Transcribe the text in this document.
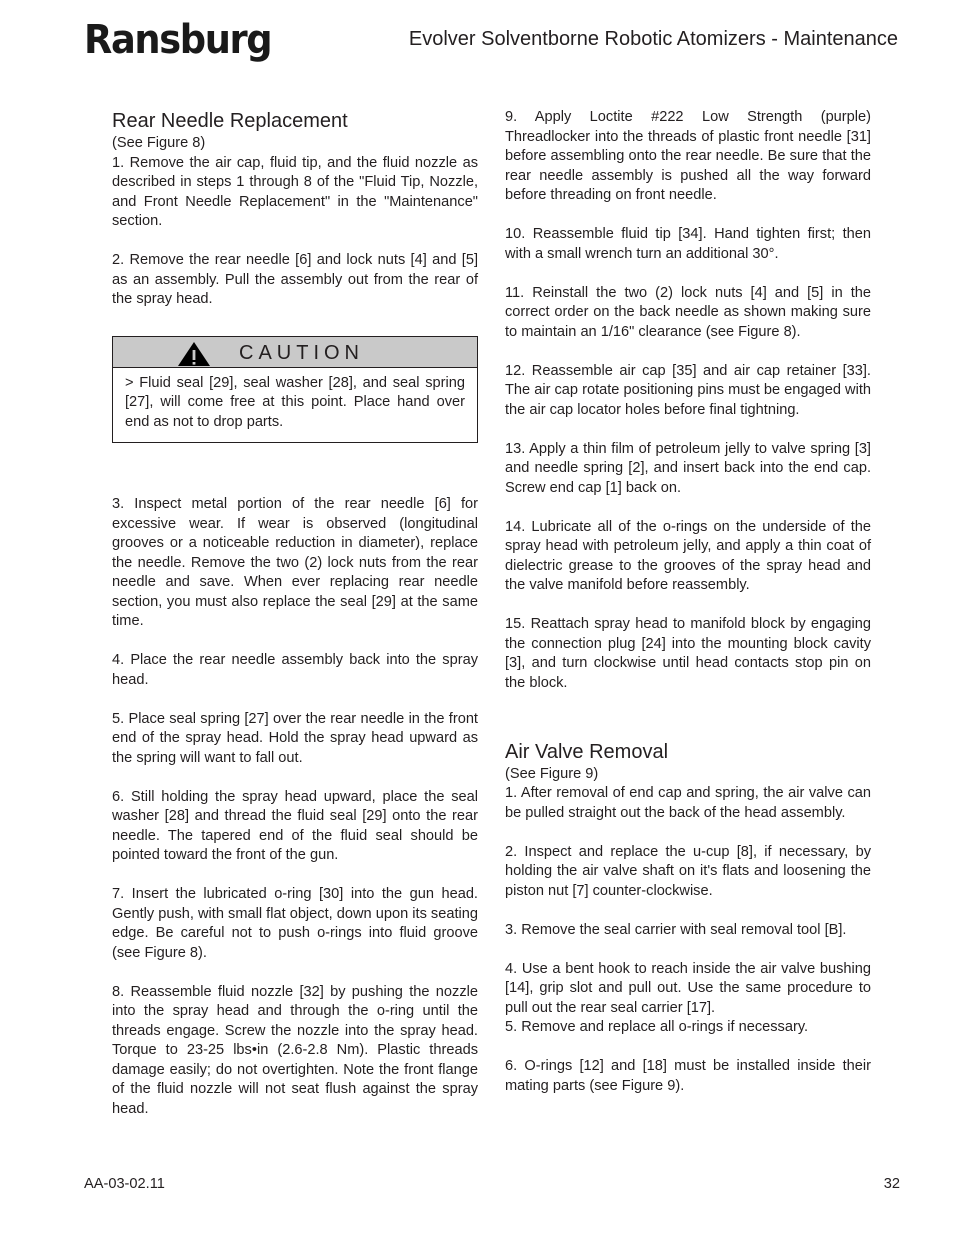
Ransburg	Evolver Solventborne Robotic Atomizers - Maintenance
Rear Needle Replacement
(See Figure 8)

1. Remove the air cap, fluid tip, and the fluid nozzle as described in steps 1 through 8 of the "Fluid Tip, Nozzle, and Front Needle Replacement" in the "Maintenance" section.

2. Remove the rear needle [6] and lock nuts [4] and [5] as an assembly. Pull the assembly out from the rear of the spray head.

CAUTION
> Fluid seal [29], seal washer [28], and seal spring [27], will come free at this point. Place hand over end as not to drop parts.

3. Inspect metal portion of the rear needle [6] for excessive wear. If wear is observed (longitudinal grooves or a noticeable reduction in diameter), replace the needle. Remove the two (2) lock nuts from the rear needle and save. When ever replacing rear needle section, you must also replace the seal [29] at the same time.

4. Place the rear needle assembly back into the spray head.

5. Place seal spring [27] over the rear needle in the front end of the spray head. Hold the spray head upward as the spring will want to fall out.

6. Still holding the spray head upward, place the seal washer [28] and thread the fluid seal [29] onto the rear needle. The tapered end of the fluid seal should be pointed toward the front of the gun.

7. Insert the lubricated o-ring [30] into the gun head. Gently push, with small flat object, down upon its seating edge. Be careful not to push o-rings into fluid groove (see Figure 8).

8. Reassemble fluid nozzle [32] by pushing the nozzle into the spray head and through the o-ring until the threads engage. Screw the nozzle into the spray head. Torque to 23-25 lbs•in (2.6-2.8 Nm). Plastic threads damage easily; do not overtighten. Note the front flange of the fluid nozzle will not seat flush against the spray head.

9. Apply Loctite #222 Low Strength (purple) Threadlocker into the threads of plastic front needle [31] before assembling onto the rear needle. Be sure that the rear needle assembly is pushed all the way forward before threading on front needle.

10. Reassemble fluid tip [34]. Hand tighten first; then with a small wrench turn an additional 30°.

11. Reinstall the two (2) lock nuts [4] and [5] in the correct order on the back needle as shown making sure to maintain an 1/16" clearance (see Figure 8).

12. Reassemble air cap [35] and air cap retainer [33]. The air cap rotate positioning pins must be engaged with the air cap locator holes before final tightning.

13. Apply a thin film of petroleum jelly to valve spring [3] and needle spring [2], and insert back into the end cap. Screw end cap [1] back on.

14. Lubricate all of the o-rings on the underside of the spray head with petroleum jelly, and apply a thin coat of dielectric grease to the grooves of the spray head and the valve manifold before reassembly.

15. Reattach spray head to manifold block by engaging the connection plug [24] into the mounting block cavity [3], and turn clockwise until head contacts stop pin on the block.

Air Valve Removal
(See Figure 9)

1. After removal of end cap and spring, the air valve can be pulled straight out the back of the head assembly.

2. Inspect and replace the u-cup [8], if necessary, by holding the air valve shaft on it's flats and loosening the piston nut [7] counter-clockwise.

3. Remove the seal carrier with seal removal tool [B].

4. Use a bent hook to reach inside the air valve bushing [14], grip slot and pull out. Use the same procedure to pull out the rear seal carrier [17].

5. Remove and replace all o-rings if necessary.

6. O-rings [12] and [18] must be installed inside their mating parts (see Figure 9).

AA-03-02.11	32
